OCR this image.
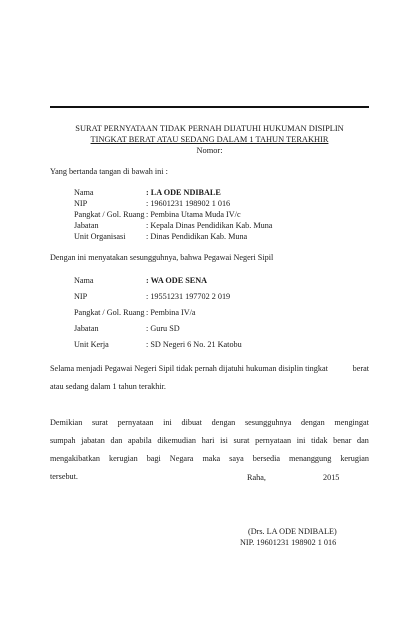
SURAT PERNYATAAN TIDAK PERNAH DIJATUHI HUKUMAN DISIPLIN
TINGKAT BERAT ATAU SEDANG DALAM 1 TAHUN TERAKHIR
Nomor:
Yang bertanda tangan di bawah ini :
Nama	: LA ODE NDIBALE
NIP	: 19601231 198902 1 016
Pangkat / Gol. Ruang : Pembina Utama Muda IV/c
Jabatan	: Kepala Dinas Pendidikan Kab. Muna
Unit Organisasi	: Dinas Pendidikan Kab. Muna
Dengan ini menyatakan sesungguhnya, bahwa Pegawai Negeri Sipil
Nama	: WA ODE SENA
NIP	: 19551231 197702 2 019
Pangkat / Gol. Ruang : Pembina IV/a
Jabatan	: Guru SD
Unit Kerja	: SD Negeri 6 No. 21 Katobu
Selama menjadi Pegawai Negeri Sipil tidak pernah dijatuhi hukuman disiplin tingkat	berat
atau sedang dalam 1 tahun terakhir.
Demikian surat pernyataan ini dibuat dengan sesungguhnya dengan mengingat
sumpah jabatan dan apabila dikemudian hari isi surat pernyataan ini tidak benar dan
mengakibatkan kerugian bagi Negara maka saya bersedia menanggung kerugian
tersebut.	Raha,	2015
(Drs. LA ODE NDIBALE)
NIP. 19601231 198902 1 016
